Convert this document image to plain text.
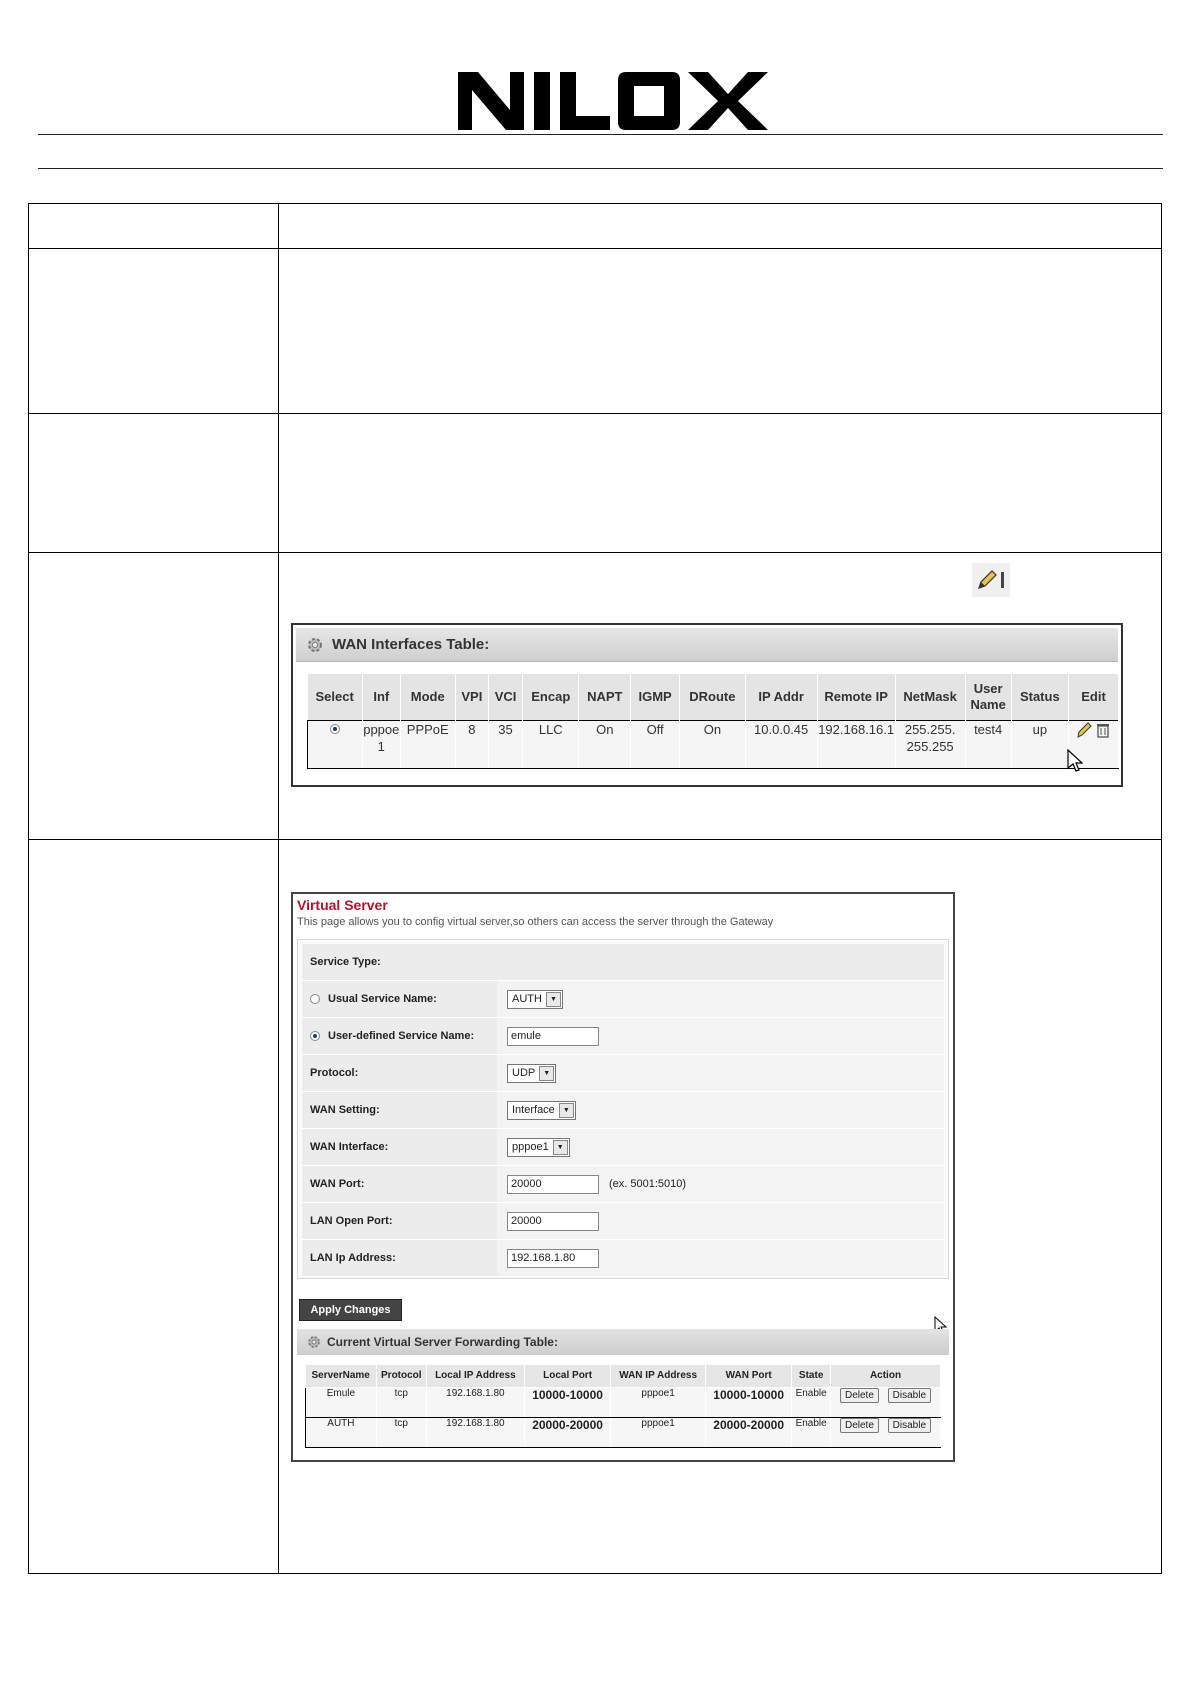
WAN Interfaces Table:
Select	Inf	Mode	VPI	VCI	Encap	NAPT	IGMP	DRoute	IP Addr	Remote IP	NetMask	User Name	Status	Edit
	pppoe 1	PPPoE	8	35	LLC	On	Off	On	10.0.0.45	192.168.16.1	255.255.255.255	test4	up	

Virtual Server
This page allows you to config virtual server,so others can access the server through the Gateway
Service Type:
Usual Service Name:	AUTH	▼
User-defined Service Name:	emule
Protocol:	UDP	▼
WAN Setting:	Interface	▼
WAN Interface:	pppoe1	▼
WAN Port:	20000	(ex. 5001:5010)
LAN Open Port:	20000
LAN Ip Address:	192.168.1.80
Apply Changes
Current Virtual Server Forwarding Table:
ServerName	Protocol	Local IP Address	Local Port	WAN IP Address	WAN Port	State	Action
Emule	tcp	192.168.1.80	10000-10000	pppoe1	10000-10000	Enable	Delete Disable
AUTH	tcp	192.168.1.80	20000-20000	pppoe1	20000-20000	Enable	Delete Disable
